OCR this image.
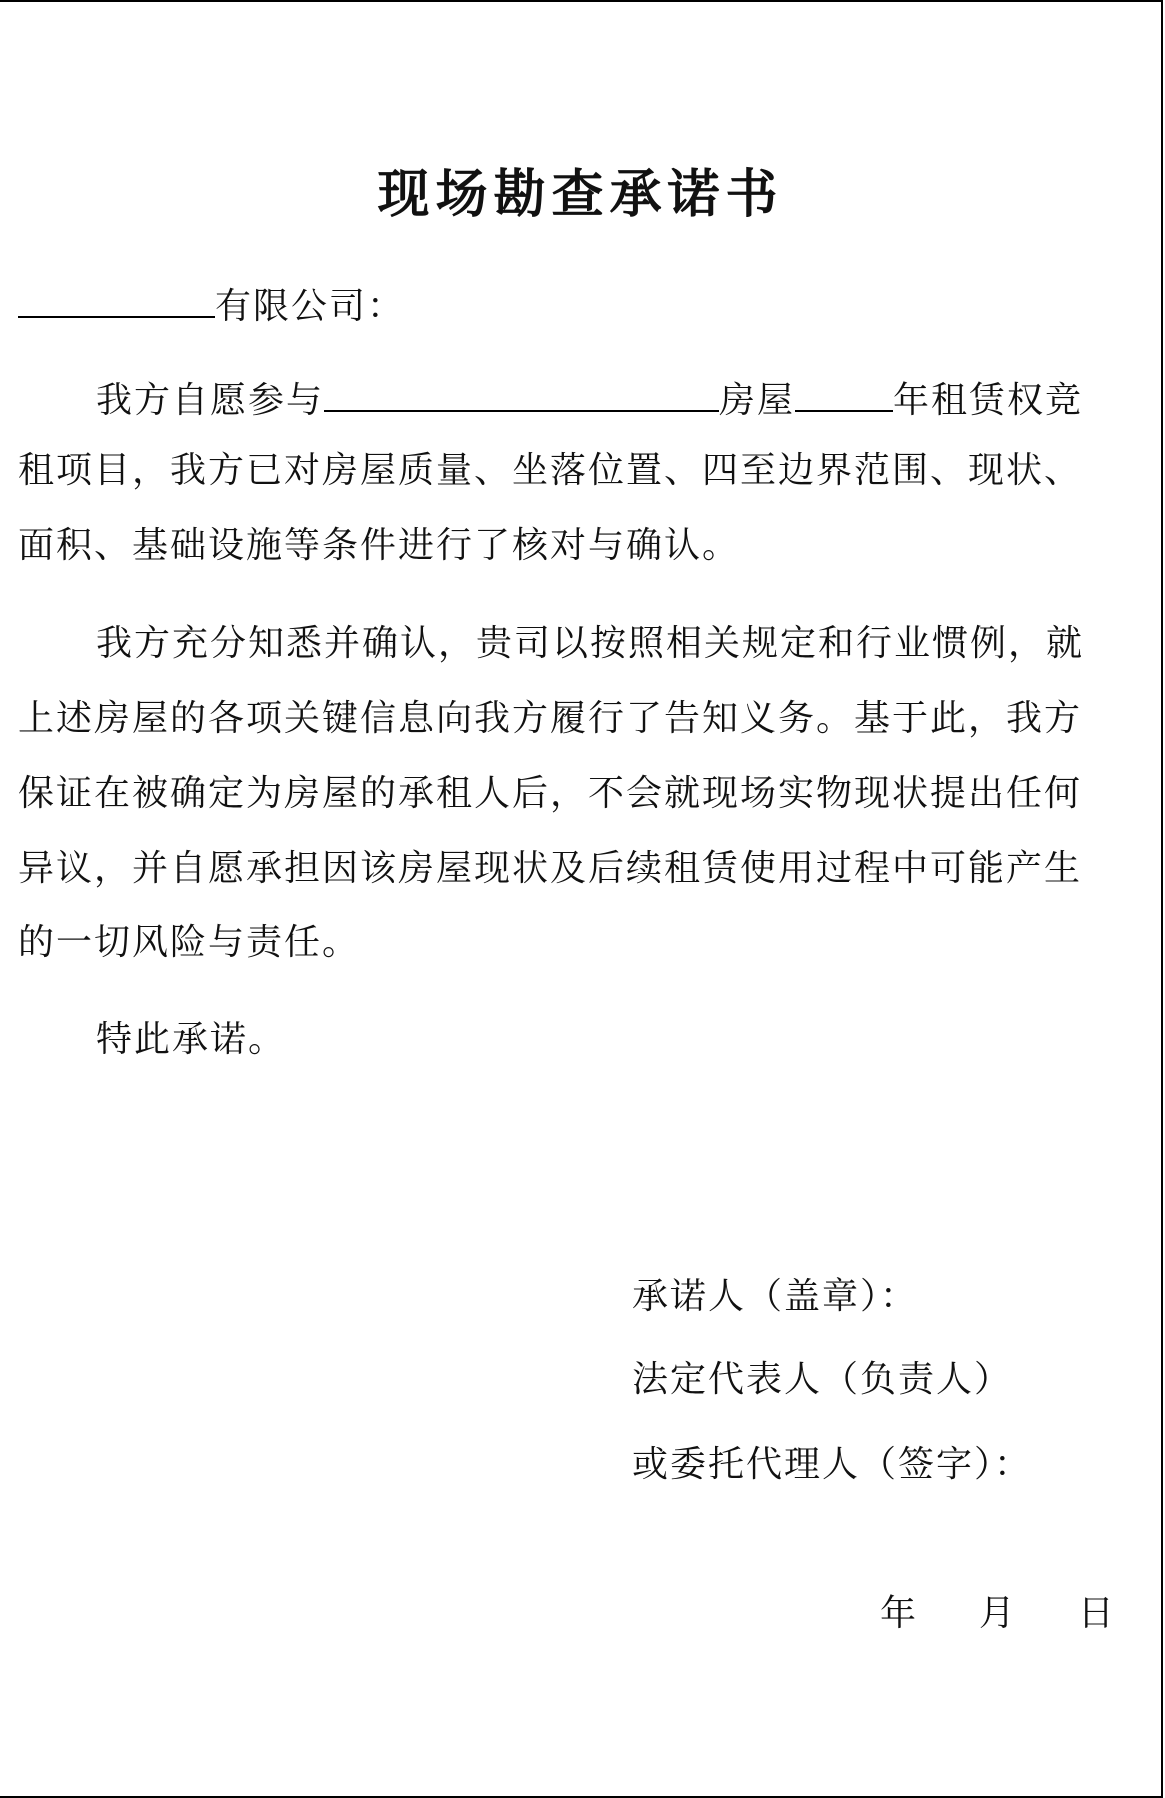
现场勘查承诺书
有限公司：
我方自愿参与	房屋	年租赁权竞
租项目，我方已对房屋质量、坐落位置、四至边界范围、现状、
面积、基础设施等条件进行了核对与确认。
我方充分知悉并确认，贵司以按照相关规定和行业惯例，就
上述房屋的各项关键信息向我方履行了告知义务。基于此，我方
保证在被确定为房屋的承租人后，不会就现场实物现状提出任何
异议，并自愿承担因该房屋现状及后续租赁使用过程中可能产生
的一切风险与责任。
特此承诺。
承诺人（盖章）：
法定代表人（负责人）
或委托代理人（签字）：
年 月 日
